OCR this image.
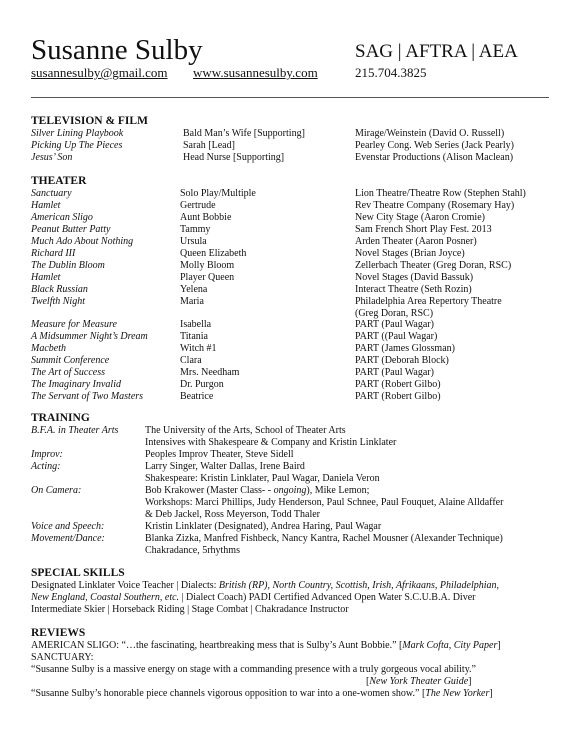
Susanne Sulby	SAG | AFTRA | AEA
susannesulby@gmail.com www.susannesulby.com	215.704.3825
TELEVISION & FILM
Silver Lining Playbook	Bald Man’s Wife [Supporting]	Mirage/Weinstein (David O. Russell)
Picking Up The Pieces	Sarah [Lead]	Pearley Cong. Web Series (Jack Pearly)
Jesus’ Son	Head Nurse [Supporting]	Evenstar Productions (Alison Maclean)
THEATER
Sanctuary	Solo Play/Multiple	Lion Theatre/Theatre Row (Stephen Stahl)
Hamlet	Gertrude	Rev Theatre Company (Rosemary Hay)
American Sligo	Aunt Bobbie	New City Stage (Aaron Cromie)
Peanut Butter Patty	Tammy	Sam French Short Play Fest. 2013
Much Ado About Nothing	Ursula	Arden Theater (Aaron Posner)
Richard III	Queen Elizabeth	Novel Stages (Brian Joyce)
The Dublin Bloom	Molly Bloom	Zellerbach Theater (Greg Doran, RSC)
Hamlet	Player Queen	Novel Stages (David Bassuk)
Black Russian	Yelena	Interact Theatre (Seth Rozin)
Twelfth Night	Maria	Philadelphia Area Repertory Theatre
(Greg Doran, RSC)
Measure for Measure	Isabella	PART (Paul Wagar)
A Midsummer Night’s Dream	Titania	PART ((Paul Wagar)
Macbeth	Witch #1	PART (James Glossman)
Summit Conference	Clara	PART (Deborah Block)
The Art of Success	Mrs. Needham	PART (Paul Wagar)
The Imaginary Invalid	Dr. Purgon	PART (Robert Gilbo)
The Servant of Two Masters	Beatrice	PART (Robert Gilbo)
TRAINING
B.F.A. in Theater Arts	The University of the Arts, School of Theater Arts
Intensives with Shakespeare & Company and Kristin Linklater
Improv:	Peoples Improv Theater, Steve Sidell
Acting:	Larry Singer, Walter Dallas, Irene Baird
Shakespeare: Kristin Linklater, Paul Wagar, Daniela Veron
On Camera:	Bob Krakower (Master Class- - ongoing), Mike Lemon;
Workshops: Marci Phillips, Judy Henderson, Paul Schnee, Paul Fouquet, Alaine Alldaffer
& Deb Jackel, Ross Meyerson, Todd Thaler
Voice and Speech:	Kristin Linklater (Designated), Andrea Haring, Paul Wagar
Movement/Dance:	Blanka Zizka, Manfred Fishbeck, Nancy Kantra, Rachel Mousner (Alexander Technique)
Chakradance, 5rhythms
SPECIAL SKILLS
Designated Linklater Voice Teacher | Dialects: British (RP), North Country, Scottish, Irish, Afrikaans, Philadelphian,
New England, Coastal Southern, etc. | Dialect Coach) PADI Certified Advanced Open Water S.C.U.B.A. Diver
Intermediate Skier | Horseback Riding | Stage Combat | Chakradance Instructor
REVIEWS
AMERICAN SLIGO: “…the fascinating, heartbreaking mess that is Sulby’s Aunt Bobbie.” [Mark Cofta, City Paper]
SANCTUARY:
“Susanne Sulby is a massive energy on stage with a commanding presence with a truly gorgeous vocal ability.”
[New York Theater Guide]
“Susanne Sulby’s honorable piece channels vigorous opposition to war into a one-women show.” [The New Yorker]
